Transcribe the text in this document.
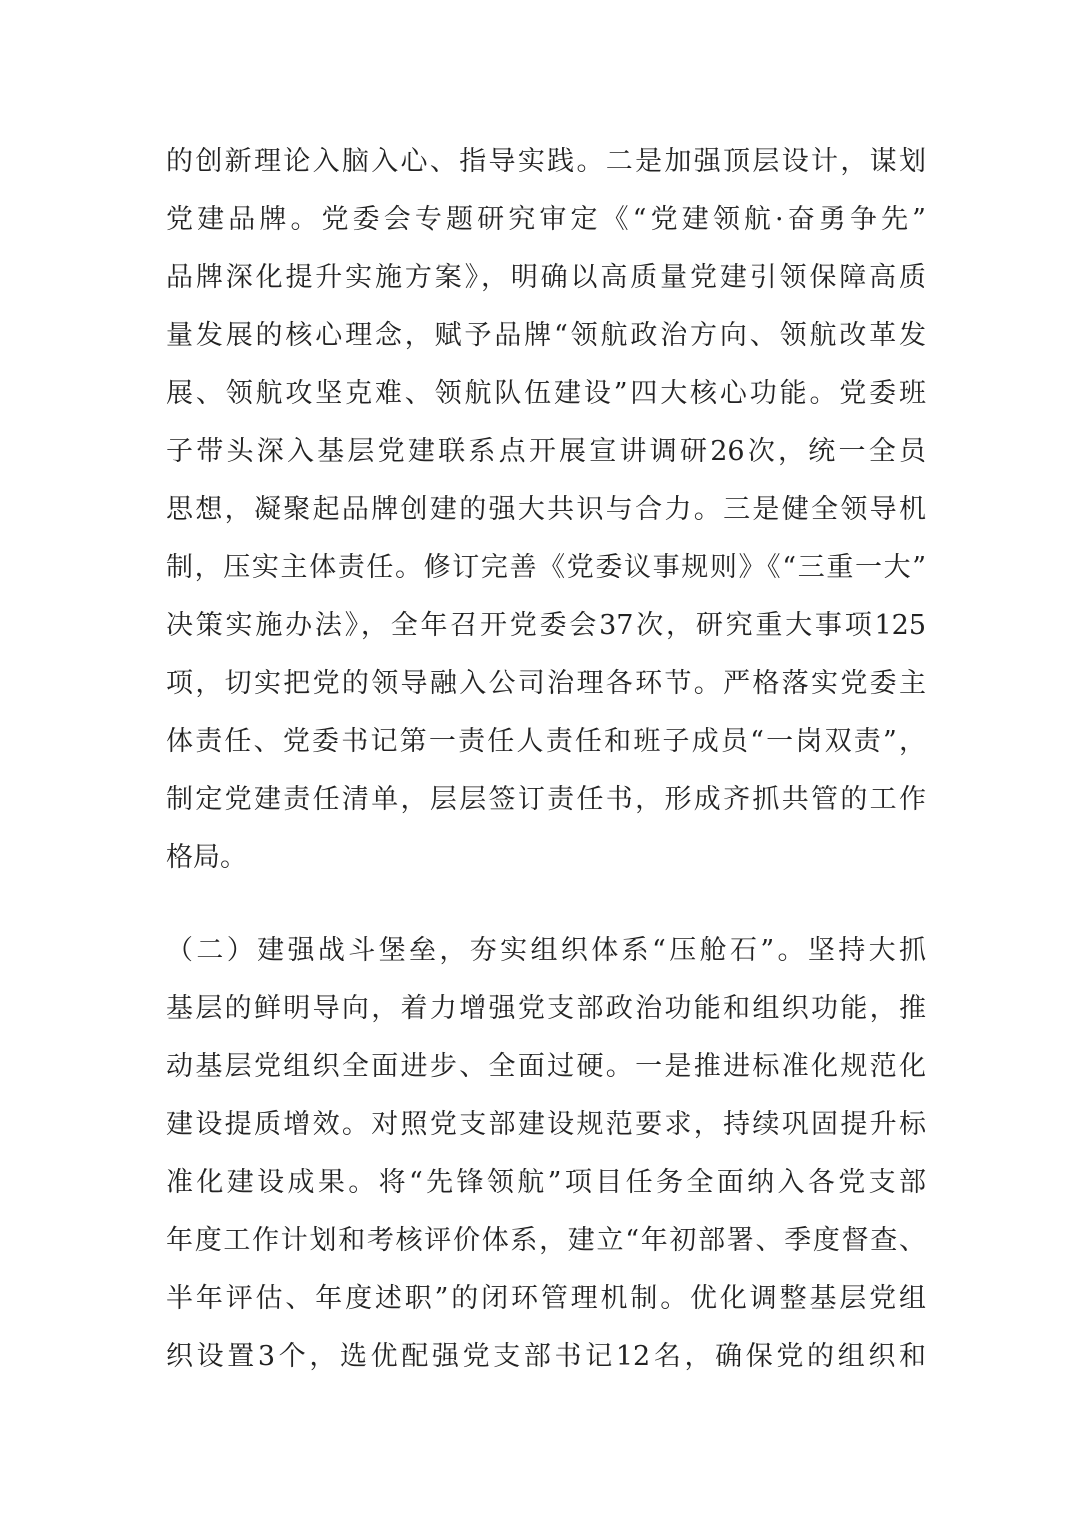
的创新理论入脑入心、指导实践。二是加强顶层设计，谋划
党建品牌。党委会专题研究审定《“党建领航·奋勇争先”
品牌深化提升实施方案》，明确以高质量党建引领保障高质
量发展的核心理念，赋予品牌“领航政治方向、领航改革发
展、领航攻坚克难、领航队伍建设”四大核心功能。党委班
子带头深入基层党建联系点开展宣讲调研26次，统一全员
思想，凝聚起品牌创建的强大共识与合力。三是健全领导机
制，压实主体责任。修订完善《党委议事规则》《“三重一大”
决策实施办法》，全年召开党委会37次，研究重大事项125
项，切实把党的领导融入公司治理各环节。严格落实党委主
体责任、党委书记第一责任人责任和班子成员“一岗双责”，
制定党建责任清单，层层签订责任书，形成齐抓共管的工作
格局。
（二）建强战斗堡垒，夯实组织体系“压舱石”。坚持大抓
基层的鲜明导向，着力增强党支部政治功能和组织功能，推
动基层党组织全面进步、全面过硬。一是推进标准化规范化
建设提质增效。对照党支部建设规范要求，持续巩固提升标
准化建设成果。将“先锋领航”项目任务全面纳入各党支部
年度工作计划和考核评价体系，建立“年初部署、季度督查、
半年评估、年度述职”的闭环管理机制。优化调整基层党组
织设置3个，选优配强党支部书记12名，确保党的组织和
